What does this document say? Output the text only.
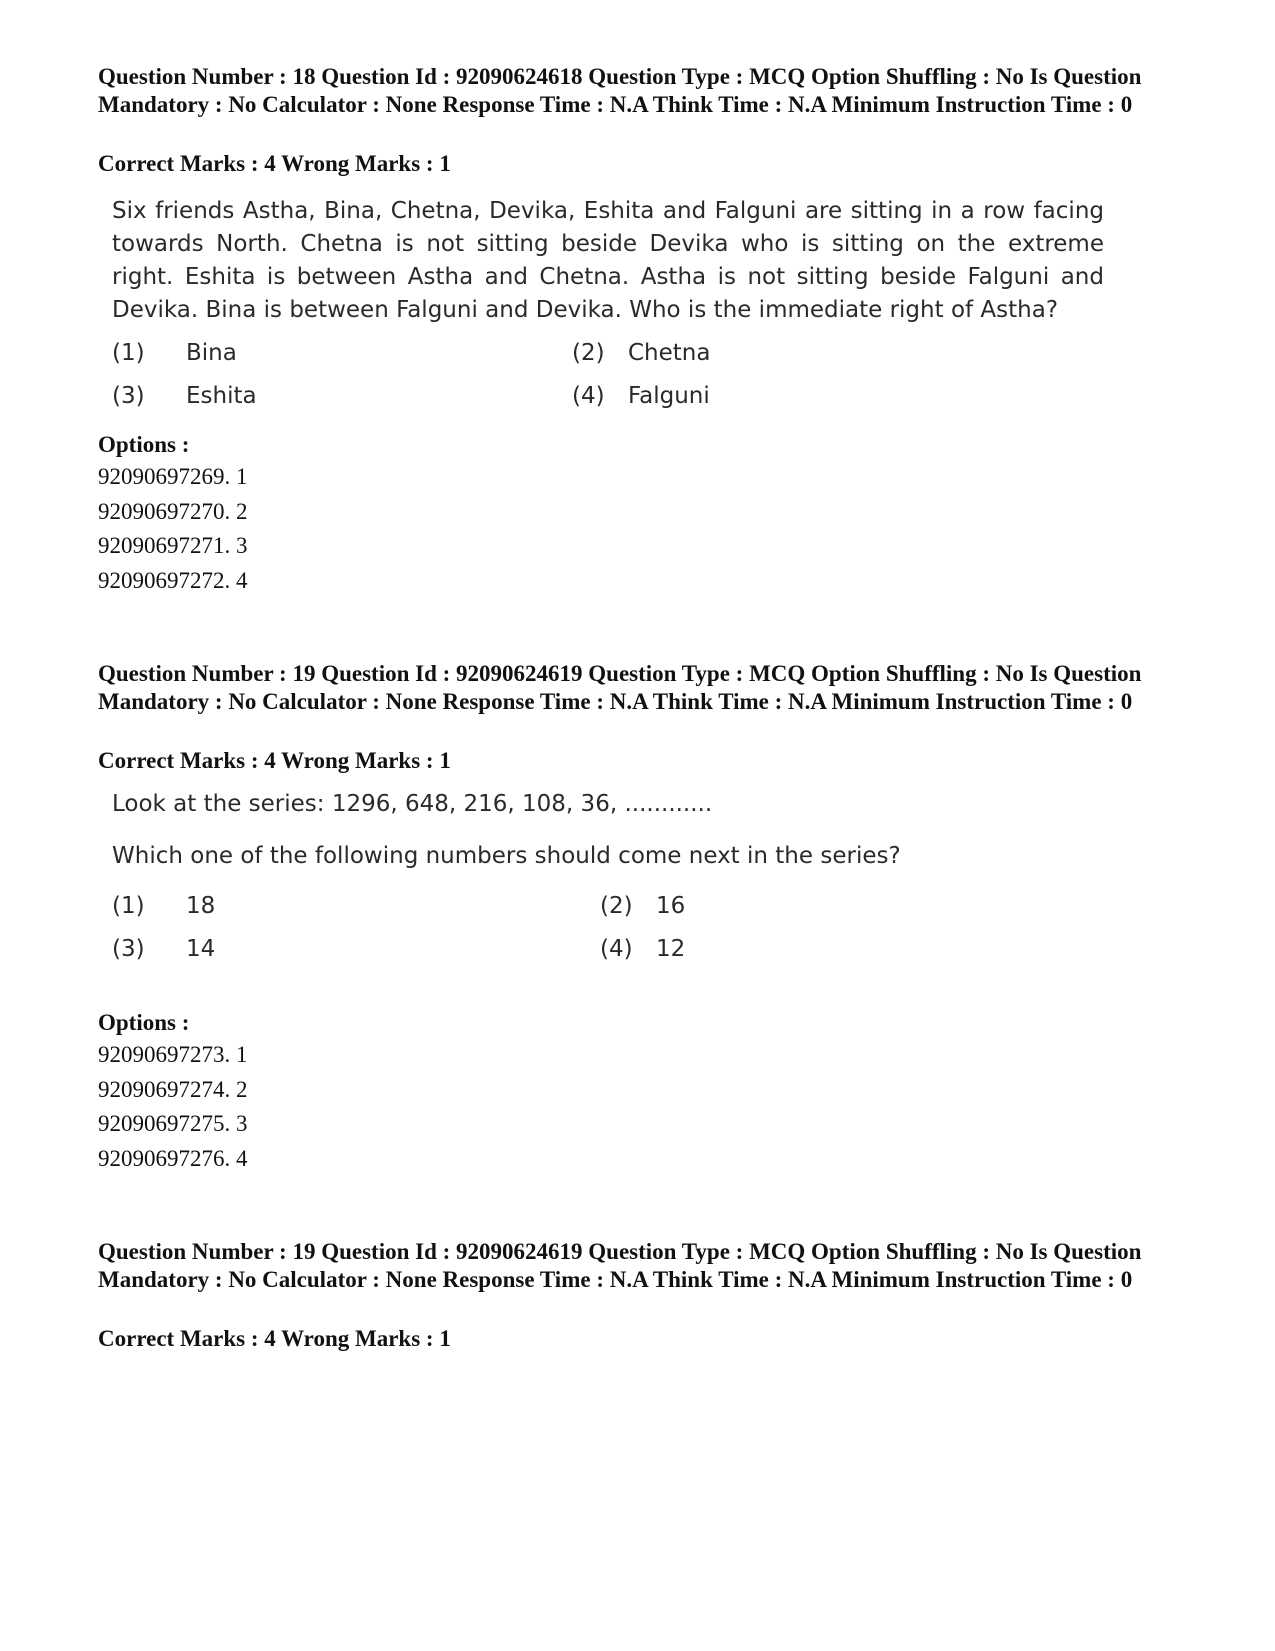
Question Number : 18 Question Id : 92090624618 Question Type : MCQ Option Shuffling : No Is Question Mandatory : No Calculator : None Response Time : N.A Think Time : N.A Minimum Instruction Time : 0
Correct Marks : 4 Wrong Marks : 1

Six friends Astha, Bina, Chetna, Devika, Eshita and Falguni are sitting in a row facing towards North. Chetna is not sitting beside Devika who is sitting on the extreme right. Eshita is between Astha and Chetna. Astha is not sitting beside Falguni and Devika. Bina is between Falguni and Devika. Who is the immediate right of Astha?

(1) Bina	(2) Chetna
(3) Eshita	(4) Falguni
Options :
92090697269. 1
92090697270. 2
92090697271. 3
92090697272. 4
Question Number : 19 Question Id : 92090624619 Question Type : MCQ Option Shuffling : No Is Question Mandatory : No Calculator : None Response Time : N.A Think Time : N.A Minimum Instruction Time : 0
Correct Marks : 4 Wrong Marks : 1

Look at the series: 1296, 648, 216, 108, 36, ............

Which one of the following numbers should come next in the series?

(1) 18	(2) 16
(3) 14	(4) 12
Options :
92090697273. 1
92090697274. 2
92090697275. 3
92090697276. 4
Question Number : 19 Question Id : 92090624619 Question Type : MCQ Option Shuffling : No Is Question Mandatory : No Calculator : None Response Time : N.A Think Time : N.A Minimum Instruction Time : 0
Correct Marks : 4 Wrong Marks : 1
